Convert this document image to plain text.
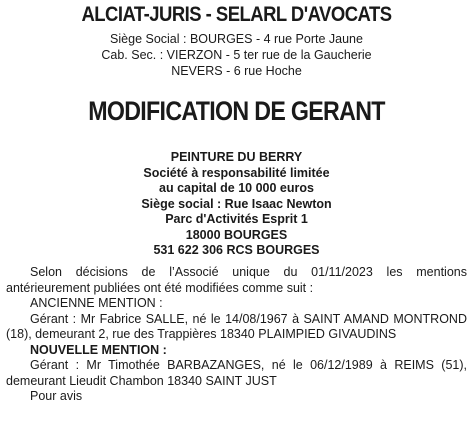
ALCIAT-JURIS - SELARL D'AVOCATS
Siège Social : BOURGES - 4 rue Porte Jaune
Cab. Sec. : VIERZON - 5 ter rue de la Gaucherie
NEVERS - 6 rue Hoche
MODIFICATION DE GERANT
PEINTURE DU BERRY
Société à responsabilité limitée
au capital de 10 000 euros
Siège social : Rue Isaac Newton
Parc d'Activités Esprit 1
18000 BOURGES
531 622 306 RCS BOURGES
Selon décisions de l’Associé unique du 01/11/2023 les mentions antérieurement publiées ont été modifiées comme suit :
ANCIENNE MENTION :
Gérant : Mr Fabrice SALLE, né le 14/08/1967 à SAINT AMAND MONTROND (18), demeurant 2, rue des Trappières 18340 PLAIMPIED GIVAUDINS
NOUVELLE MENTION :
Gérant : Mr Timothée BARBAZANGES, né le 06/12/1989 à REIMS (51), demeurant Lieudit Chambon 18340 SAINT JUST
Pour avis
